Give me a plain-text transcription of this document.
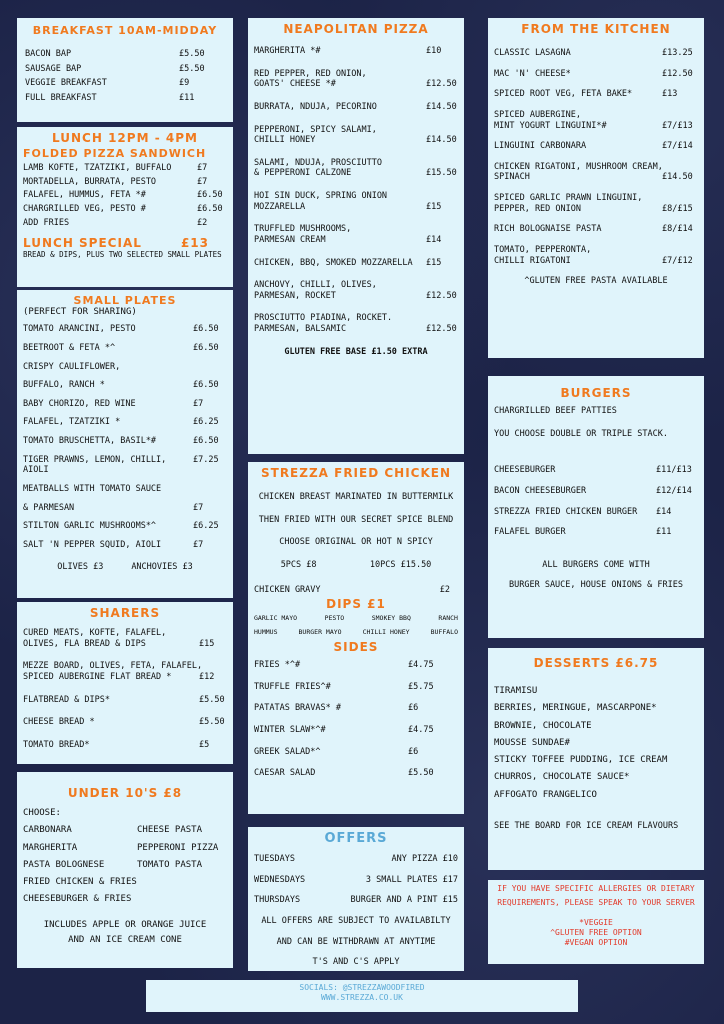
BREAKFAST 10AM-MIDDAY
BACON BAP	£5.50
SAUSAGE BAP	£5.50
VEGGIE BREAKFAST	£9
FULL BREAKFAST	£11
LUNCH 12PM - 4PM
FOLDED PIZZA SANDWICH
LAMB KOFTE, TZATZIKI, BUFFALO	£7
MORTADELLA, BURRATA, PESTO	£7
FALAFEL, HUMMUS, FETA *#	£6.50
CHARGRILLED VEG, PESTO #	£6.50
ADD FRIES	£2
LUNCH SPECIAL	£13
BREAD & DIPS, PLUS TWO SELECTED SMALL PLATES
SMALL PLATES
(PERFECT FOR SHARING)
TOMATO ARANCINI, PESTO	£6.50
BEETROOT & FETA *^	£6.50
CRISPY CAULIFLOWER,
BUFFALO, RANCH *	£6.50
BABY CHORIZO, RED WINE	£7
FALAFEL, TZATZIKI *	£6.25
TOMATO BRUSCHETTA, BASIL*#	£6.50
TIGER PRAWNS, LEMON, CHILLI, AIOLI
£7.25
MEATBALLS WITH TOMATO SAUCE
& PARMESAN	£7
STILTON GARLIC MUSHROOMS*^	£6.25
SALT 'N PEPPER SQUID, AIOLI	£7
OLIVES £3	ANCHOVIES £3
SHARERS
CURED MEATS, KOFTE, FALAFEL,
OLIVES, FLA BREAD & DIPS	£15
MEZZE BOARD, OLIVES, FETA, FALAFEL,
SPICED AUBERGINE FLAT BREAD *	£12
FLATBREAD & DIPS*	£5.50
CHEESE BREAD *	£5.50
TOMATO BREAD*	£5
UNDER 10'S £8
CHOOSE:
CARBONARA	CHEESE PASTA
MARGHERITA	PEPPERONI PIZZA
PASTA BOLOGNESE	TOMATO PASTA
FRIED CHICKEN & FRIES
CHEESEBURGER & FRIES
INCLUDES APPLE OR ORANGE JUICE
AND AN ICE CREAM CONE
NEAPOLITAN PIZZA
MARGHERITA *#	£10
RED PEPPER, RED ONION,
GOATS' CHEESE *#	£12.50
BURRATA, NDUJA, PECORINO	£14.50
PEPPERONI, SPICY SALAMI,
CHILLI HONEY	£14.50
SALAMI, NDUJA, PROSCIUTTO
& PEPPERONI CALZONE	£15.50
HOI SIN DUCK, SPRING ONION
MOZZARELLA	£15
TRUFFLED MUSHROOMS,
PARMESAN CREAM	£14
CHICKEN, BBQ, SMOKED MOZZARELLA	£15
ANCHOVY, CHILLI, OLIVES,
PARMESAN, ROCKET	£12.50
PROSCIUTTO PIADINA, ROCKET.
PARMESAN, BALSAMIC	£12.50
GLUTEN FREE BASE £1.50 EXTRA
STREZZA FRIED CHICKEN
CHICKEN BREAST MARINATED IN BUTTERMILK
THEN FRIED WITH OUR SECRET SPICE BLEND
CHOOSE ORIGINAL OR HOT N SPICY
5PCS £8	10PCS £15.50
CHICKEN GRAVY	£2
DIPS £1
GARLIC MAYO	PESTO	SMOKEY BBQ	RANCH
HUMMUS	BURGER MAYO	CHILLI HONEY	BUFFALO
SIDES
FRIES *^#	£4.75
TRUFFLE FRIES^#	£5.75
PATATAS BRAVAS* #	£6
WINTER SLAW*^#	£4.75
GREEK SALAD*^	£6
CAESAR SALAD	£5.50
OFFERS
TUESDAYS	ANY PIZZA £10
WEDNESDAYS	3 SMALL PLATES £17
THURSDAYS	BURGER AND A PINT £15
ALL OFFERS ARE SUBJECT TO AVAILABILTY
AND CAN BE WITHDRAWN AT ANYTIME
T'S AND C'S APPLY
FROM THE KITCHEN
CLASSIC LASAGNA	£13.25
MAC 'N' CHEESE*	£12.50
SPICED ROOT VEG, FETA BAKE*	£13
SPICED AUBERGINE,
MINT YOGURT LINGUINI*#	£7/£13
LINGUINI CARBONARA	£7/£14
CHICKEN RIGATONI, MUSHROOM CREAM,
SPINACH	£14.50
SPICED GARLIC PRAWN LINGUINI,
PEPPER, RED ONION	£8/£15
RICH BOLOGNAISE PASTA	£8/£14
TOMATO, PEPPERONTA,
CHILLI RIGATONI	£7/£12
^GLUTEN FREE PASTA AVAILABLE
BURGERS
CHARGRILLED BEEF PATTIES
YOU CHOOSE DOUBLE OR TRIPLE STACK.
CHEESEBURGER	£11/£13
BACON CHEESEBURGER	£12/£14
STREZZA FRIED CHICKEN BURGER	£14
FALAFEL BURGER	£11
ALL BURGERS COME WITH
BURGER SAUCE, HOUSE ONIONS & FRIES
DESSERTS £6.75
TIRAMISU
BERRIES, MERINGUE, MASCARPONE*
BROWNIE, CHOCOLATE
MOUSSE SUNDAE#
STICKY TOFFEE PUDDING, ICE CREAM
CHURROS, CHOCOLATE SAUCE*
AFFOGATO FRANGELICO
SEE THE BOARD FOR ICE CREAM FLAVOURS
IF YOU HAVE SPECIFIC ALLERGIES OR DIETARY
REQUIREMENTS, PLEASE SPEAK TO YOUR SERVER
*VEGGIE
^GLUTEN FREE OPTION
#VEGAN OPTION
SOCIALS: @STREZZAWOODFIRED
WWW.STREZZA.CO.UK
